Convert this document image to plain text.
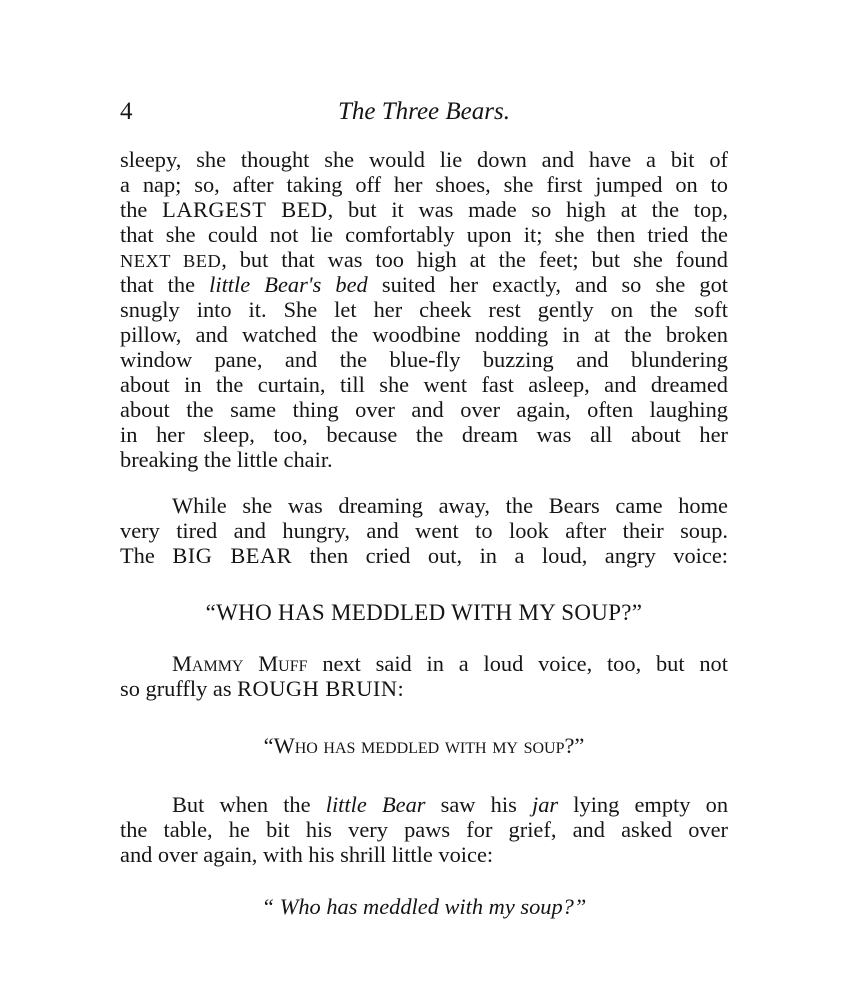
4	The Three Bears.
sleepy, she thought she would lie down and have a bit of
a nap; so, after taking off her shoes, she first jumped on to
the LARGEST BED, but it was made so high at the top,
that she could not lie comfortably upon it; she then tried the
NEXT BED, but that was too high at the feet; but she found
that the little Bear's bed suited her exactly, and so she got
snugly into it. She let her cheek rest gently on the soft
pillow, and watched the woodbine nodding in at the broken
window pane, and the blue-fly buzzing and blundering
about in the curtain, till she went fast asleep, and dreamed
about the same thing over and over again, often laughing
in her sleep, too, because the dream was all about her
breaking the little chair.
While she was dreaming away, the Bears came home
very tired and hungry, and went to look after their soup.
The BIG BEAR then cried out, in a loud, angry voice:
“WHO HAS MEDDLED WITH MY SOUP?”
Mammy Muff next said in a loud voice, too, but not
so gruffly as ROUGH BRUIN:
“Who has meddled with my soup?”
But when the little Bear saw his jar lying empty on
the table, he bit his very paws for grief, and asked over
and over again, with his shrill little voice:
“ Who has meddled with my soup?”
